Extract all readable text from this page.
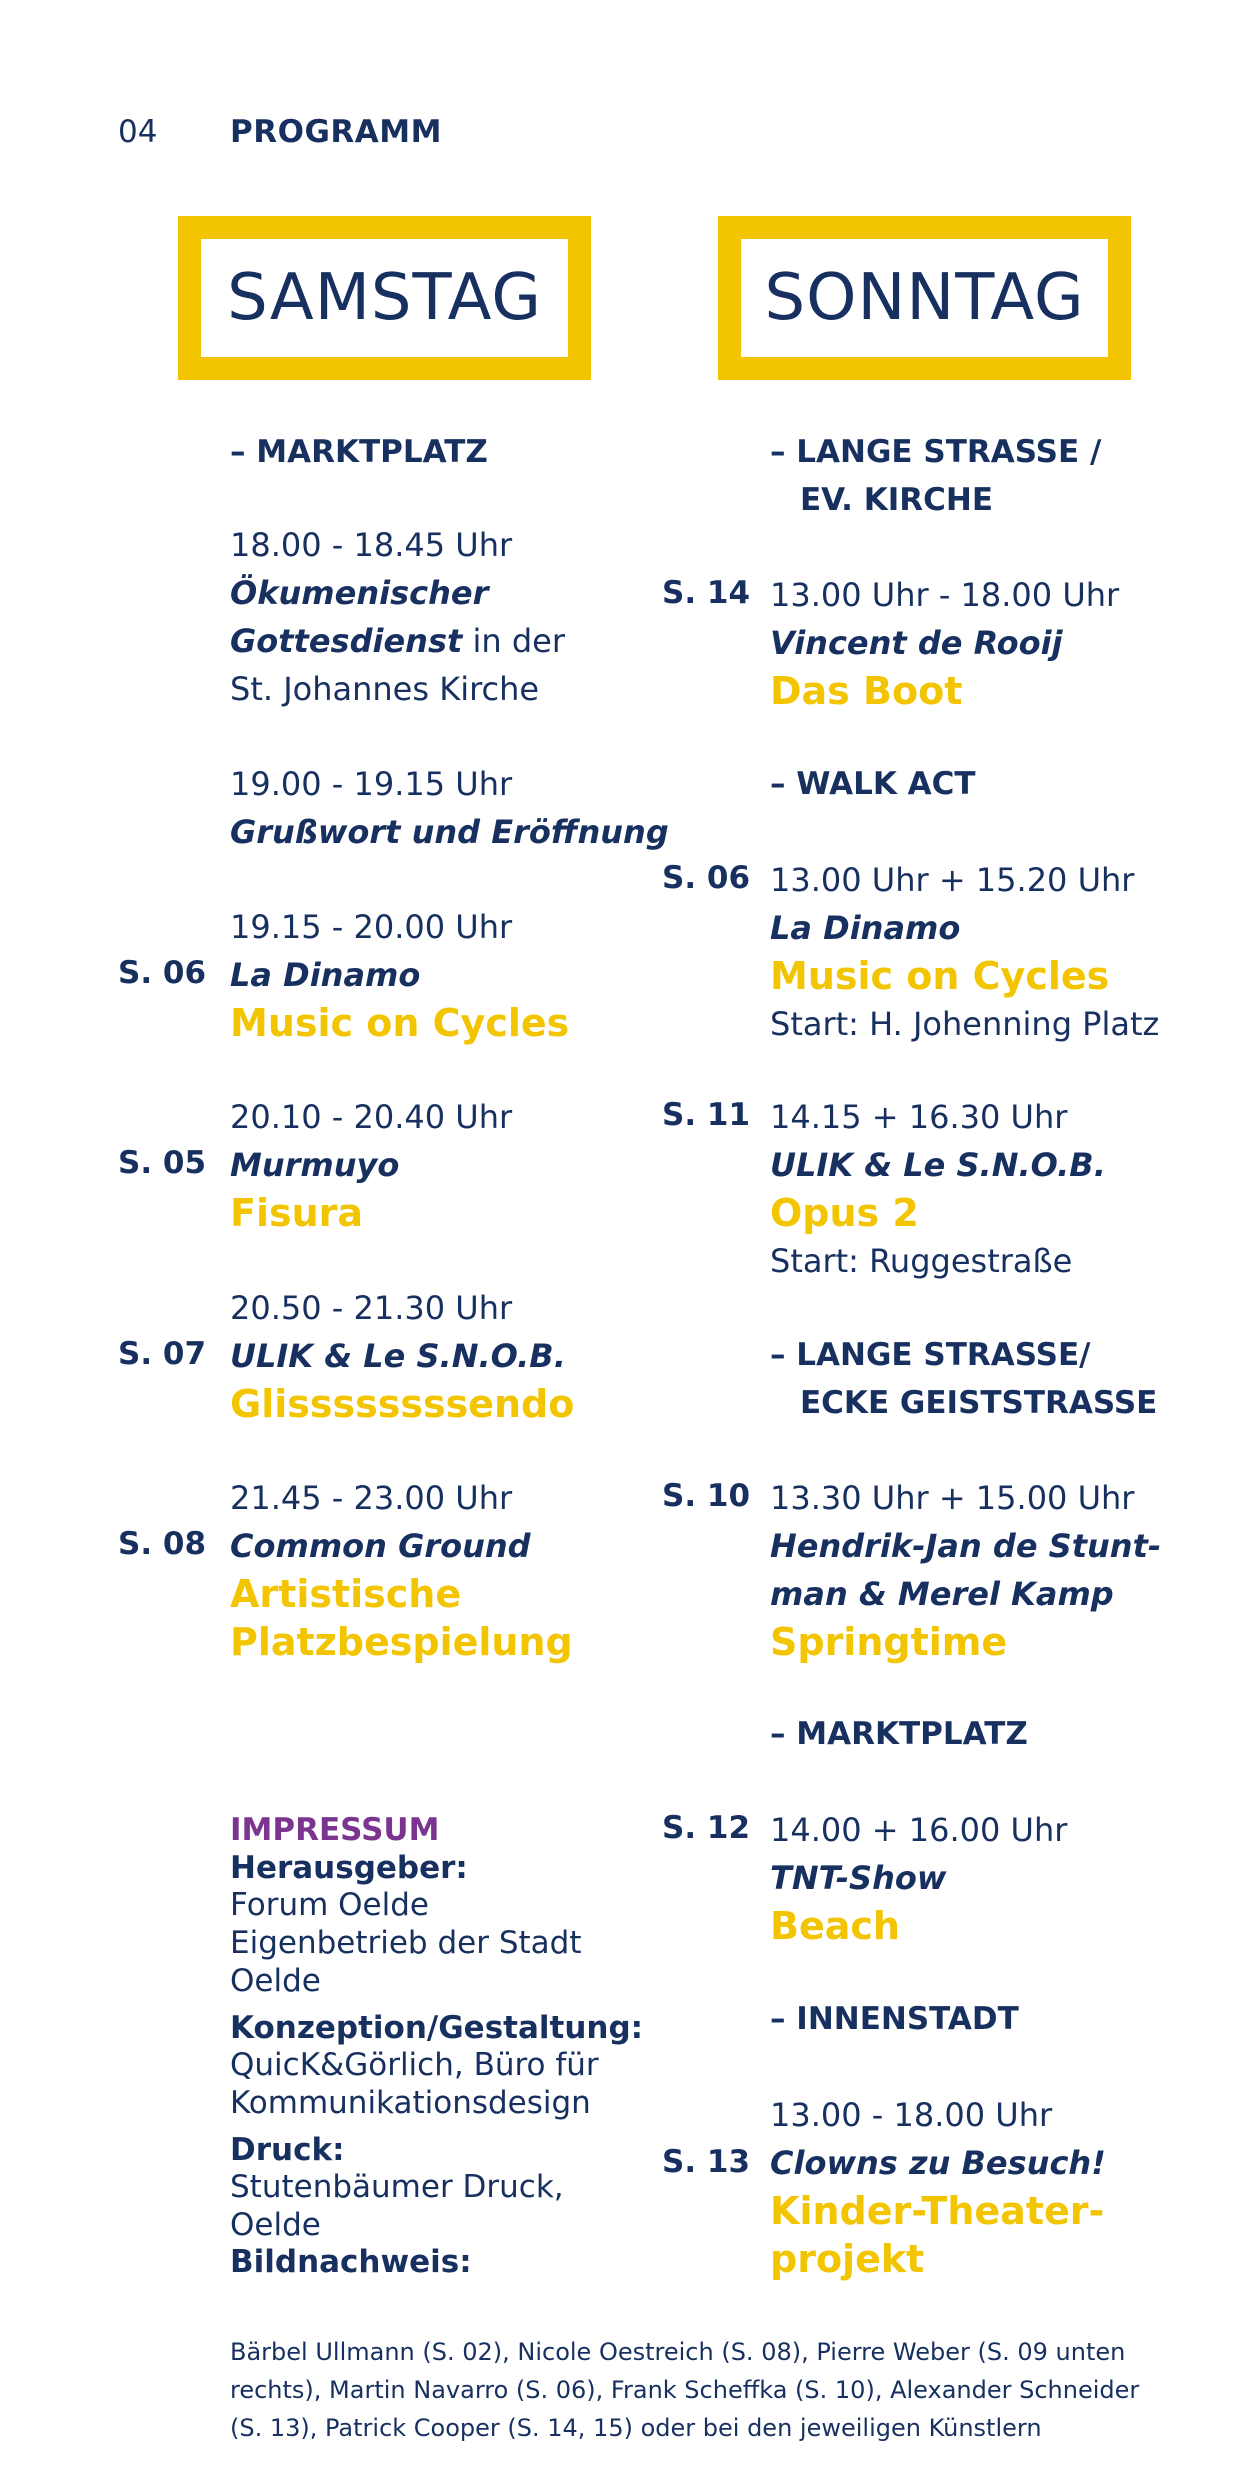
04 PROGRAMM
SAMSTAG	SONNTAG
– MARKTPLATZ
18.00 - 18.45 Uhr
Ökumenischer
Gottesdienst in der
St. Johannes Kirche
19.00 - 19.15 Uhr
Grußwort und Eröffnung
S. 06
19.15 - 20.00 Uhr
La Dinamo
Music on Cycles
S. 05
20.10 - 20.40 Uhr
Murmuyo
Fisura
S. 07
20.50 - 21.30 Uhr
ULIK & Le S.N.O.B.
Glissssssssendo
S. 08
21.45 - 23.00 Uhr
Common Ground
Artistische
Platzbespielung
IMPRESSUM
Herausgeber:
Forum Oelde
Eigenbetrieb der Stadt
Oelde
Konzeption/Gestaltung:
QuicK&Görlich, Büro für
Kommunikationsdesign
Druck:
Stutenbäumer Druck,
Oelde
Bildnachweis:
Bärbel Ullmann (S. 02), Nicole Oestreich (S. 08), Pierre Weber (S. 09 unten
rechts), Martin Navarro (S. 06), Frank Scheffka (S. 10), Alexander Schneider
(S. 13), Patrick Cooper (S. 14, 15) oder bei den jeweiligen Künstlern
– LANGE STRASSE /
EV. KIRCHE
S. 14 13.00 Uhr - 18.00 Uhr
Vincent de Rooij
Das Boot
– WALK ACT
S. 06 13.00 Uhr + 15.20 Uhr
La Dinamo
Music on Cycles
Start: H. Johenning Platz
S. 11 14.15 + 16.30 Uhr
ULIK & Le S.N.O.B.
Opus 2
Start: Ruggestraße
– LANGE STRASSE/
ECKE GEISTSTRASSE
S. 10 13.30 Uhr + 15.00 Uhr
Hendrik-Jan de Stunt-
man & Merel Kamp
Springtime
– MARKTPLATZ
S. 12 14.00 + 16.00 Uhr
TNT-Show
Beach
– INNENSTADT
S. 13
13.00 - 18.00 Uhr
Clowns zu Besuch!
Kinder-Theater-
projekt
